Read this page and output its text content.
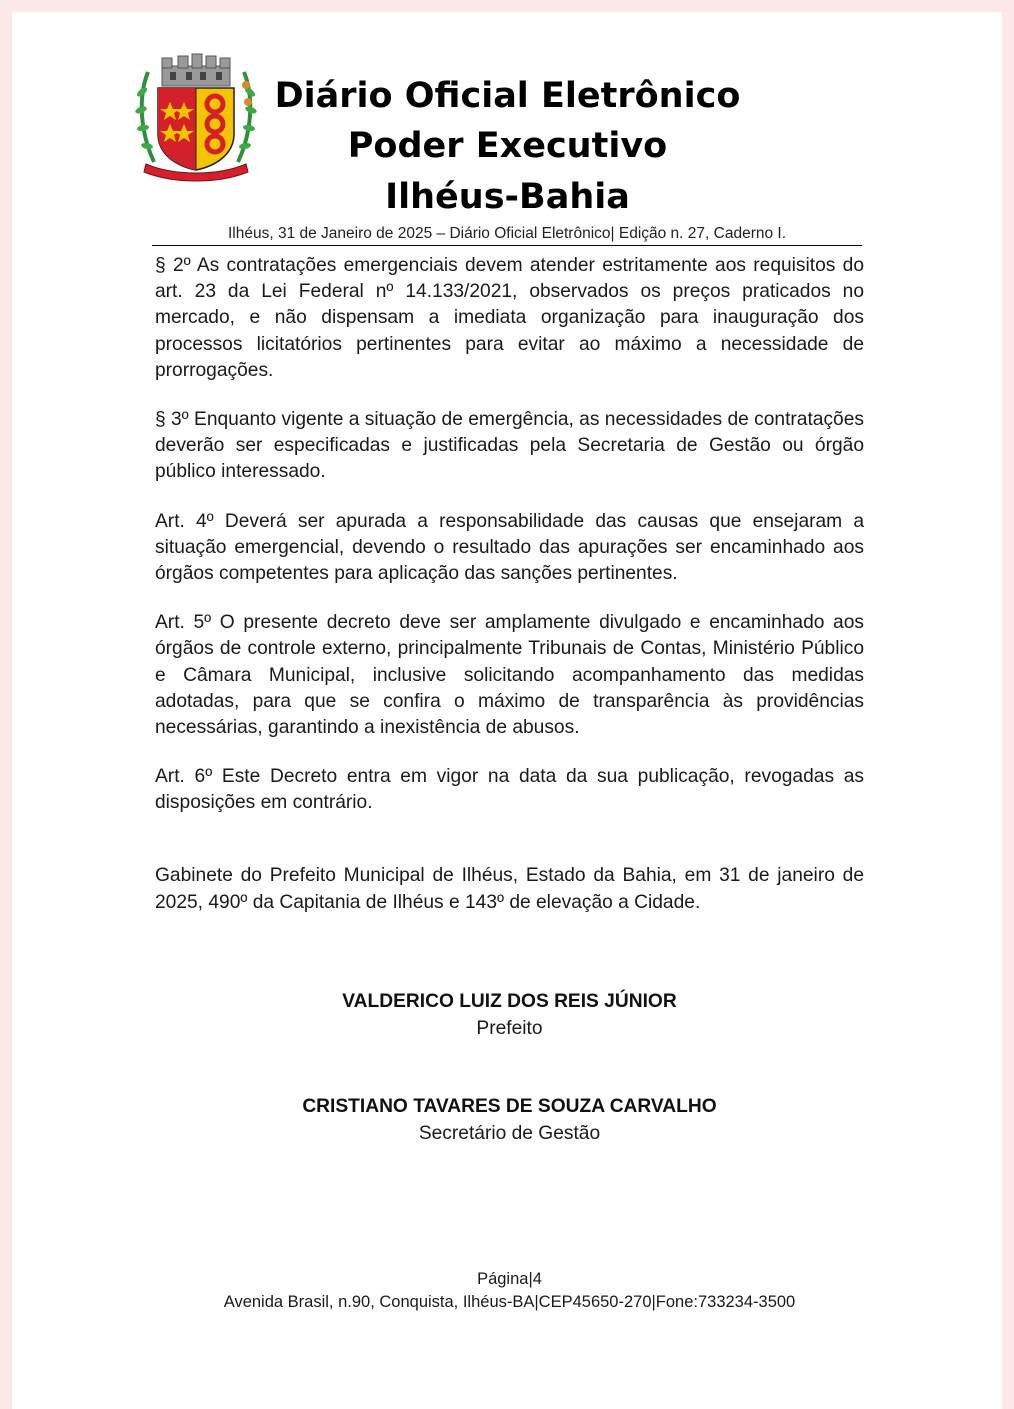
Diário Oficial Eletrônico
Poder Executivo
Ilhéus-Bahia
Ilhéus, 31 de Janeiro de 2025 – Diário Oficial Eletrônico| Edição n. 27, Caderno I.

§ 2º As contratações emergenciais devem atender estritamente aos requisitos do art. 23 da Lei Federal nº 14.133/2021, observados os preços praticados no mercado, e não dispensam a imediata organização para inauguração dos processos licitatórios pertinentes para evitar ao máximo a necessidade de prorrogações.

§ 3º Enquanto vigente a situação de emergência, as necessidades de contratações deverão ser especificadas e justificadas pela Secretaria de Gestão ou órgão público interessado.

Art. 4º Deverá ser apurada a responsabilidade das causas que ensejaram a situação emergencial, devendo o resultado das apurações ser encaminhado aos órgãos competentes para aplicação das sanções pertinentes.

Art. 5º O presente decreto deve ser amplamente divulgado e encaminhado aos órgãos de controle externo, principalmente Tribunais de Contas, Ministério Público e Câmara Municipal, inclusive solicitando acompanhamento das medidas adotadas, para que se confira o máximo de transparência às providências necessárias, garantindo a inexistência de abusos.

Art. 6º Este Decreto entra em vigor na data da sua publicação, revogadas as disposições em contrário.

Gabinete do Prefeito Municipal de Ilhéus, Estado da Bahia, em 31 de janeiro de 2025, 490º da Capitania de Ilhéus e 143º de elevação a Cidade.

VALDERICO LUIZ DOS REIS JÚNIOR
Prefeito
CRISTIANO TAVARES DE SOUZA CARVALHO
Secretário de Gestão
Página|4
Avenida Brasil, n.90, Conquista, Ilhéus-BA|CEP45650-270|Fone:733234-3500
